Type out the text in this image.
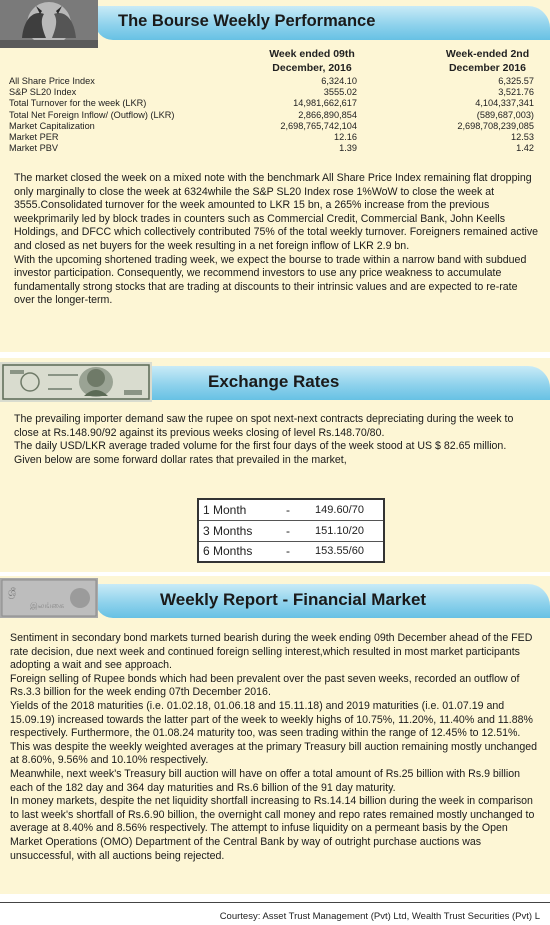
The Bourse Weekly Performance
Week ended 09th December, 2016
Week-ended 2nd December 2016
All Share Price Index	6,324.10	6,325.57
S&P SL20 Index	3555.02	3,521.76
Total Turnover for the week (LKR)	14,981,662,617	4,104,337,341
Total Net Foreign Inflow/ (Outflow) (LKR)	2,866,890,854	(589,687,003)
Market Capitalization	2,698,765,742,104	2,698,708,239,085
Market PER	12.16	12.53
Market PBV	1.39	1.42

The market closed the week on a mixed note with the benchmark All Share Price Index remaining flat dropping only marginally to close the week at 6324while the S&P SL20 Index rose 1%WoW to close the week at 3555.Consolidated turnover for the week amounted to LKR 15 bn, a 265% increase from the previous weekprimarily led by block trades in counters such as Commercial Credit, Commercial Bank, John Keells Holdings, and DFCC which collectively contributed 75% of the total weekly turnover. Foreigners remained active and closed as net buyers for the week resulting in a net foreign inflow of LKR 2.9 bn.

With the upcoming shortened trading week, we expect the bourse to trade within a narrow band with subdued investor participation. Consequently, we recommend investors to use any price weakness to accumulate fundamentally strong stocks that are trading at discounts to their intrinsic values and are expected to re-rate over the longer-term.

Exchange Rates

The prevailing importer demand saw the rupee on spot next-next contracts depreciating during the week to close at Rs.148.90/92 against its previous weeks closing of level Rs.148.70/80.

The daily USD/LKR average traded volume for the first four days of the week stood at US $ 82.65 million.

Given below are some forward dollar rates that prevailed in the market,

1 Month	-	149.60/70
3 Months	-	151.10/20
6 Months	-	153.55/60
ශ්‍රී
இலங்கை	Weekly Report - Financial Market

Sentiment in secondary bond markets turned bearish during the week ending 09th December ahead of the FED rate decision, due next week and continued foreign selling interest,which resulted in most market participants adopting a wait and see approach.

Foreign selling of Rupee bonds which had been prevalent over the past seven weeks, recorded an outflow of Rs.3.3 billion for the week ending 07th December 2016.

Yields of the 2018 maturities (i.e. 01.02.18, 01.06.18 and 15.11.18) and 2019 maturities (i.e. 01.07.19 and 15.09.19) increased towards the latter part of the week to weekly highs of 10.75%, 11.20%, 11.40% and 11.88% respectively. Furthermore, the 01.08.24 maturity too, was seen trading within the range of 12.45% to 12.51%. This was despite the weekly weighted averages at the primary Treasury bill auction remaining mostly unchanged at 8.60%, 9.56% and 10.10% respectively.

Meanwhile, next week's Treasury bill auction will have on offer a total amount of Rs.25 billion with Rs.9 billion each of the 182 day and 364 day maturities and Rs.6 billion of the 91 day maturity.

In money markets, despite the net liquidity shortfall increasing to Rs.14.14 billion during the week in comparison to last week's shortfall of Rs.6.90 billion, the overnight call money and repo rates remained mostly unchanged to average at 8.40% and 8.56% respectively. The attempt to infuse liquidity on a permeant basis by the Open Market Operations (OMO) Department of the Central Bank by way of outright purchase auctions was unsuccessful, with all auctions being rejected.

Courtesy: Asset Trust Management (Pvt) Ltd, Wealth Trust Securities (Pvt) L
